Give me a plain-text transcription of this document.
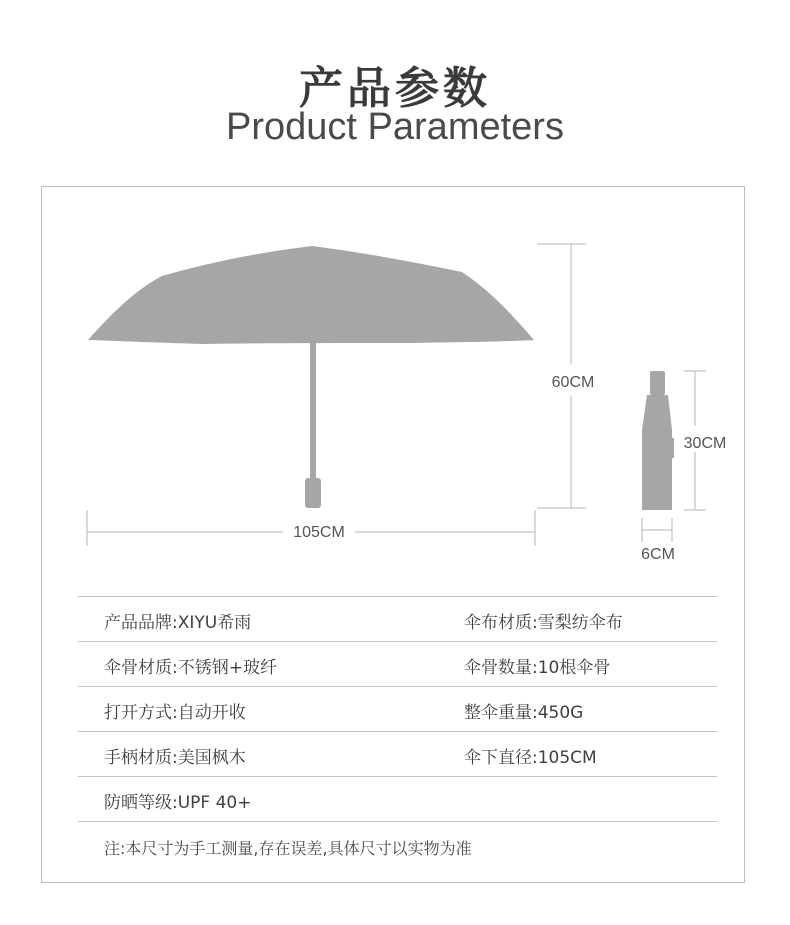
产品参数
Product Parameters
105CM
60CM
30CM
6CM
产品品牌:XIYU希雨	伞布材质:雪梨纺伞布
伞骨材质:不锈钢+玻纤	伞骨数量:10根伞骨
打开方式:自动开收	整伞重量:450G
手柄材质:美国枫木	伞下直径:105CM
防晒等级:UPF 40+
注:本尺寸为手工测量,存在误差,具体尺寸以实物为准
